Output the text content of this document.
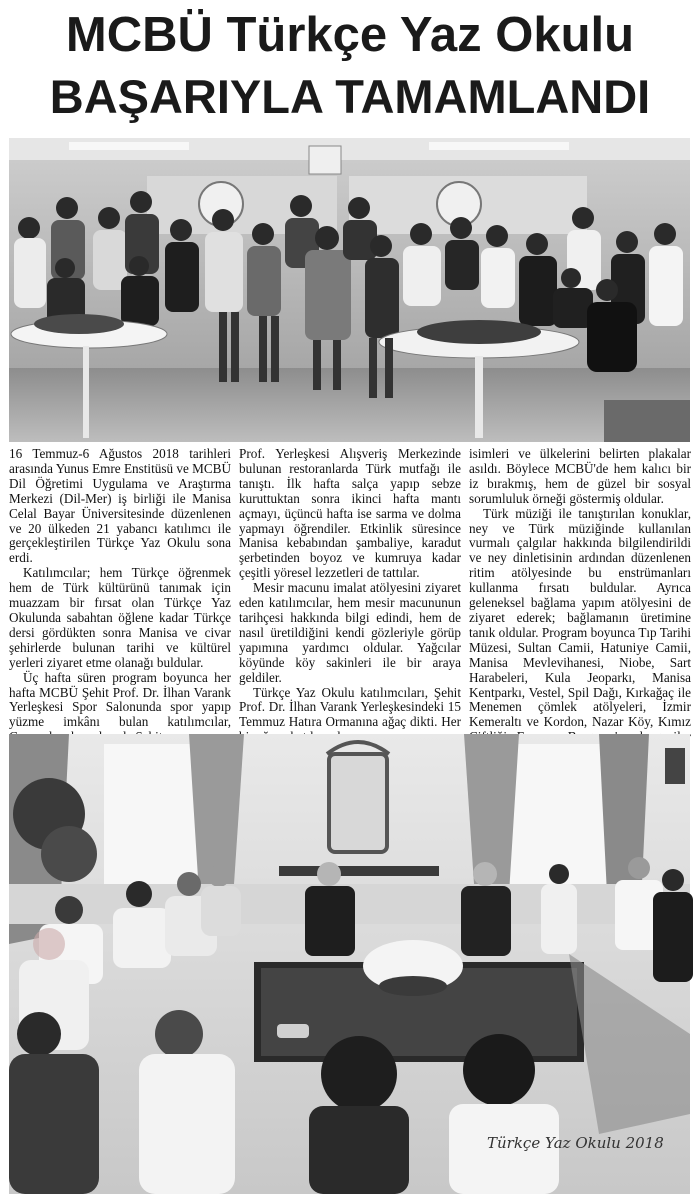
MCBÜ Türkçe Yaz Okulu
BAŞARIYLA TAMAMLANDI

16 Temmuz-6 Ağustos 2018 tarihleri arasında Yunus Emre Enstitüsü ve MCBÜ Dil Öğretimi Uygulama ve Araştırma Merkezi (Dil-Mer) iş birliği ile Manisa Celal Bayar Üniversitesinde düzenlenen ve 20 ülkeden 21 yabancı katılımcı ile gerçekleştirilen Türkçe Yaz Okulu sona erdi.

Katılımcılar; hem Türkçe öğrenmek hem de Türk kültürünü tanımak için muazzam bir fırsat olan Türkçe Yaz Okulunda sabahtan öğlene kadar Türkçe dersi gördükten sonra Manisa ve civar şehirlerde bulunan tarihi ve kültürel yerleri ziyaret etme olanağı buldular.

Üç hafta süren program boyunca her hafta MCBÜ Şehit Prof. Dr. İlhan Varank Yerleşkesi Spor Salonunda spor yapıp yüzme imkânı bulan katılımcılar,

Prof. Yerleşkesi Alışveriş Merkezinde bulunan restoranlarda Türk mutfağı ile tanıştı. İlk hafta salça yapıp sebze kuruttuktan sonra ikinci hafta mantı açmayı, üçüncü hafta ise sarma ve dolma yapmayı öğrendiler. Etkinlik süresince Manisa kebabından şambaliye, karadut şerbetinden boyoz ve kumruya kadar çeşitli yöresel lezzetleri de tattılar.

Mesir macunu imalat atölyesini ziyaret eden katılımcılar, hem mesir macununun tarihçesi hakkında bilgi edindi, hem de nasıl üretildiğini kendi gözleriyle görüp yapımına yardımcı oldular. Yağcılar köyünde köy sakinleri ile bir araya geldiler.

Türkçe Yaz Okulu katılımcıları, Şehit Prof. Dr. İlhan Varank Yerleşkesindeki 15 Temmuz Hatıra Ormanına ağaç dikti. Her

isimleri ve ülkelerini belirten plakalar asıldı. Böylece MCBÜ'de hem kalıcı bir iz bırakmış, hem de güzel bir sosyal sorumluluk örneği göstermiş oldular.

Türk müziği ile tanıştırılan konuklar, ney ve Türk müziğinde kullanılan vurmalı çalgılar hakkında bilgilendirildi ve ney dinletisinin ardından düzenlenen ritim atölyesinde bu enstrümanları kullanma fırsatı buldular. Ayrıca geleneksel bağlama yapım atölyesini de ziyaret ederek; bağlamanın üretimine tanık oldular. Program boyunca Tıp Tarihi Müzesi, Sultan Camii, Hatuniye Camii, Manisa Mevlevihanesi, Niobe, Sart Harabeleri, Kula Jeoparkı, Manisa Kentparkı, Vestel, Spil Dağı, Kırkağaç ile Menemen çömlek atölyeleri, İzmir Kemeraltı ve Kordon, Nazar Köy, Kımız

Türkçe Yaz Okulu 2018
